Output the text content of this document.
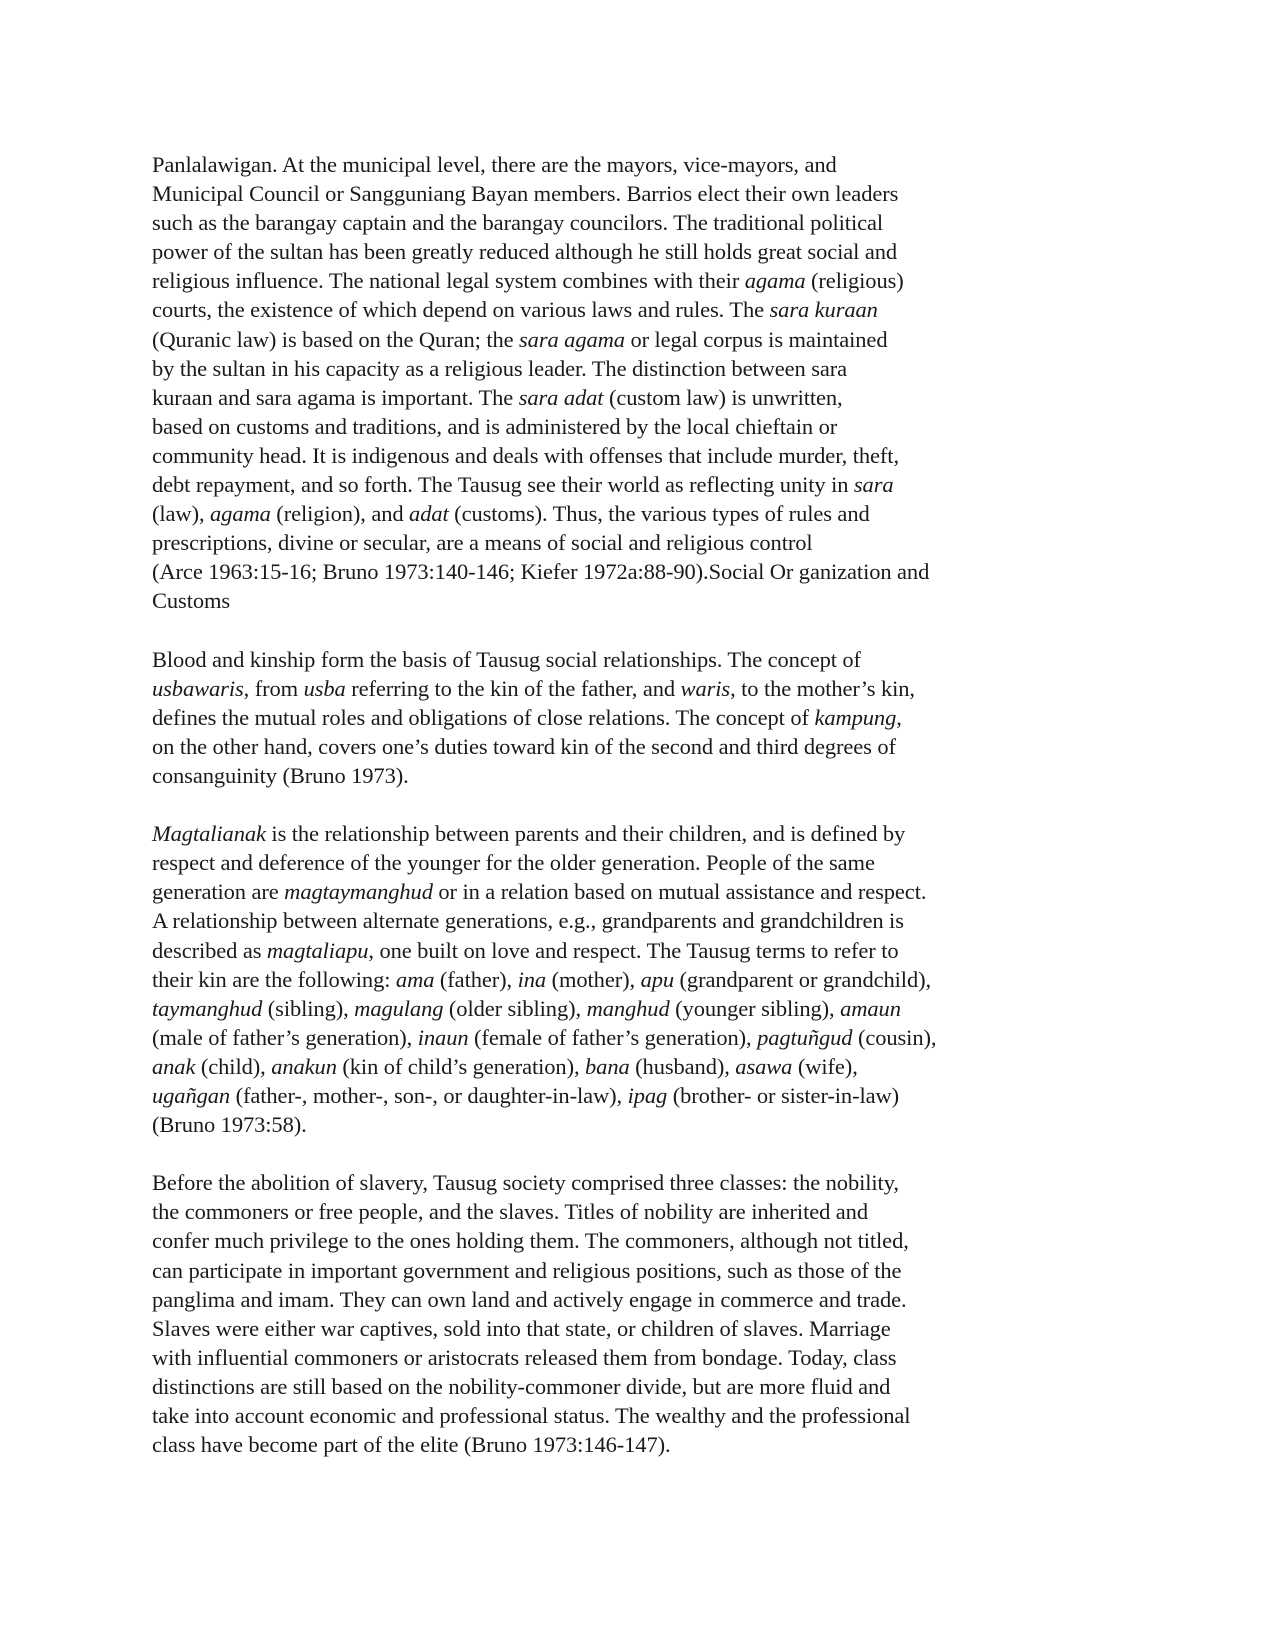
Panlalawigan. At the municipal level, there are the mayors, vice-mayors, and
Municipal Council or Sangguniang Bayan members. Barrios elect their own leaders
such as the barangay captain and the barangay councilors. The traditional political
power of the sultan has been greatly reduced although he still holds great social and
religious influence. The national legal system combines with their agama (religious)
courts, the existence of which depend on various laws and rules. The sara kuraan
(Quranic law) is based on the Quran; the sara agama or legal corpus is maintained
by the sultan in his capacity as a religious leader. The distinction between sara
kuraan and sara agama is important. The sara adat (custom law) is unwritten,
based on customs and traditions, and is administered by the local chieftain or
community head. It is indigenous and deals with offenses that include murder, theft,
debt repayment, and so forth. The Tausug see their world as reflecting unity in sara
(law), agama (religion), and adat (customs). Thus, the various types of rules and
prescriptions, divine or secular, are a means of social and religious control
(Arce 1963:15-16; Bruno 1973:140-146; Kiefer 1972a:88-90).Social Or ganization and
Customs
Blood and kinship form the basis of Tausug social relationships. The concept of
usbawaris, from usba referring to the kin of the father, and waris, to the mother’s kin,
defines the mutual roles and obligations of close relations. The concept of kampung,
on the other hand, covers one’s duties toward kin of the second and third degrees of
consanguinity (Bruno 1973).
Magtalianak is the relationship between parents and their children, and is defined by
respect and deference of the younger for the older generation. People of the same
generation are magtaymanghud or in a relation based on mutual assistance and respect.
A relationship between alternate generations, e.g., grandparents and grandchildren is
described as magtaliapu, one built on love and respect. The Tausug terms to refer to
their kin are the following: ama (father), ina (mother), apu (grandparent or grandchild),
taymanghud (sibling), magulang (older sibling), manghud (younger sibling), amaun
(male of father’s generation), inaun (female of father’s generation), pagtuñgud (cousin),
anak (child), anakun (kin of child’s generation), bana (husband), asawa (wife),
ugañgan (father-, mother-, son-, or daughter-in-law), ipag (brother- or sister-in-law)
(Bruno 1973:58).
Before the abolition of slavery, Tausug society comprised three classes: the nobility,
the commoners or free people, and the slaves. Titles of nobility are inherited and
confer much privilege to the ones holding them. The commoners, although not titled,
can participate in important government and religious positions, such as those of the
panglima and imam. They can own land and actively engage in commerce and trade.
Slaves were either war captives, sold into that state, or children of slaves. Marriage
with influential commoners or aristocrats released them from bondage. Today, class
distinctions are still based on the nobility-commoner divide, but are more fluid and
take into account economic and professional status. The wealthy and the professional
class have become part of the elite (Bruno 1973:146-147).
